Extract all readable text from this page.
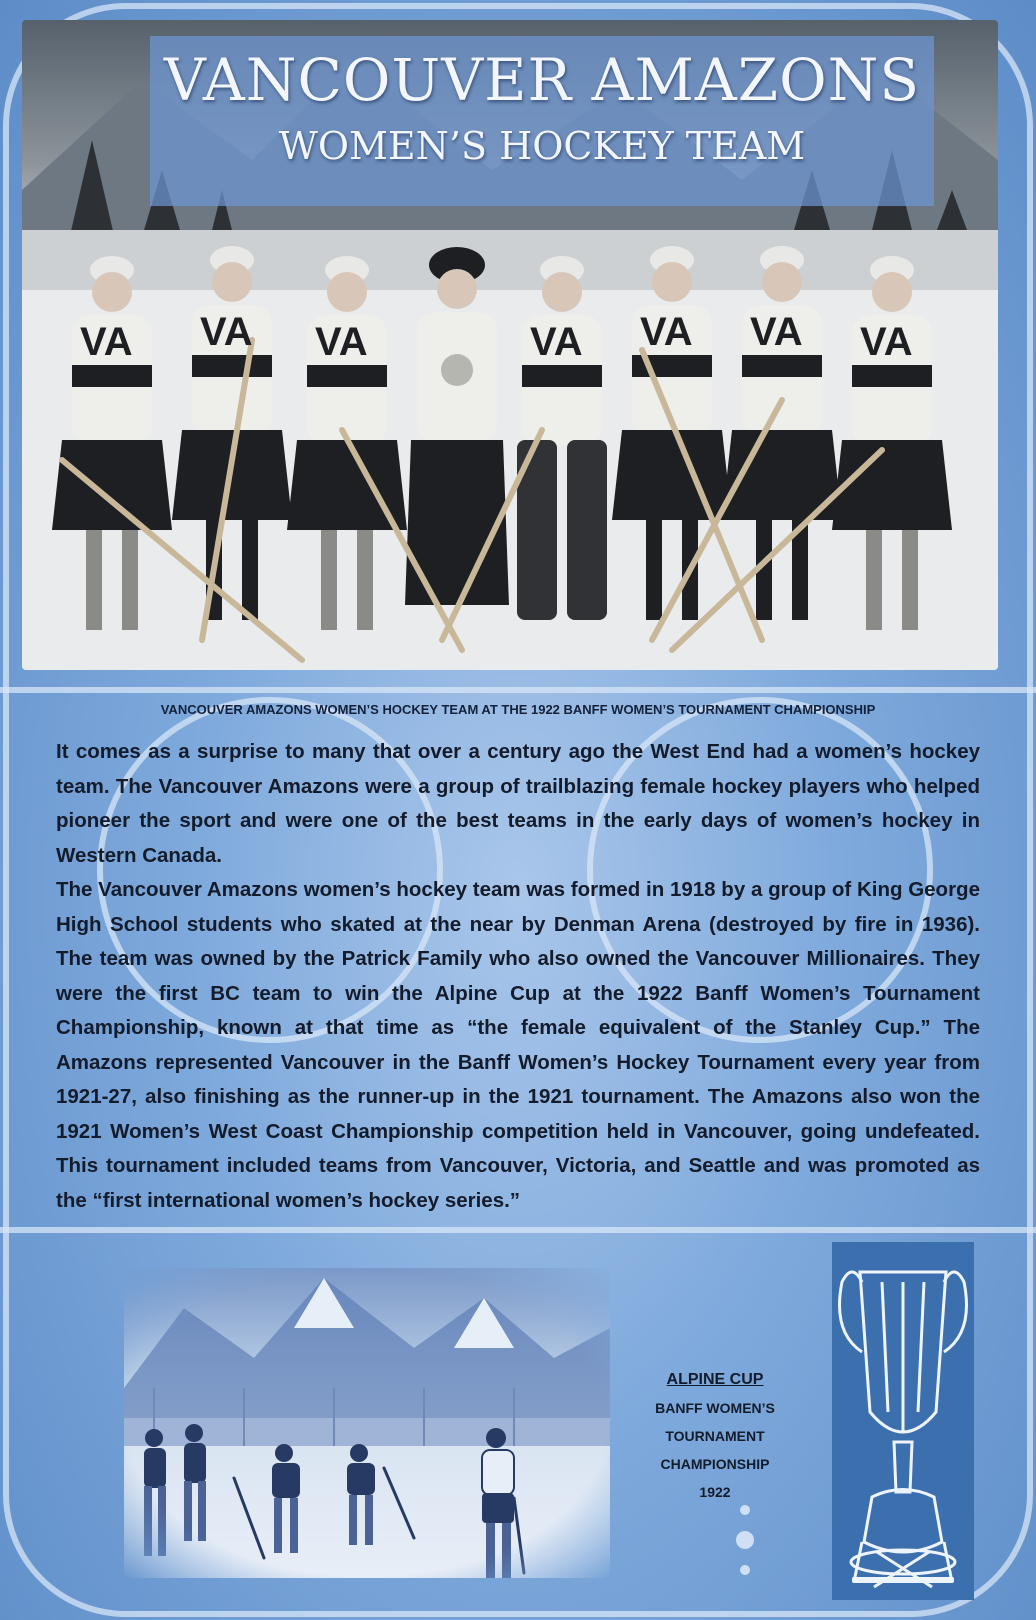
VA VA VA	VA VA VA VA
VANCOUVER AMAZONS
WOMEN’S HOCKEY TEAM
VANCOUVER AMAZONS WOMEN’S HOCKEY TEAM AT THE 1922 BANFF WOMEN’S TOURNAMENT CHAMPIONSHIP

It comes as a surprise to many that over a century ago the West End had a women’s hockey team. The Vancouver Amazons were a group of trailblazing female hockey players who helped pioneer the sport and were one of the best teams in the early days of women’s hockey in Western Canada.

The Vancouver Amazons women’s hockey team was formed in 1918 by a group of King George High School students who skated at the near by Denman Arena (destroyed by fire in 1936). The team was owned by the Patrick Family who also owned the Vancouver Millionaires. They were the first BC team to win the Alpine Cup at the 1922 Banff Women’s Tournament Championship, known at that time as “the female equivalent of the Stanley Cup.” The Amazons represented Vancouver in the Banff Women’s Hockey Tournament every year from 1921-27, also finishing as the runner-up in the 1921 tournament. The Amazons also won the 1921 Women’s West Coast Championship competition held in Vancouver, going undefeated. This tournament included teams from Vancouver, Victoria, and Seattle and was promoted as the “first international women’s hockey series.”

ALPINE CUP
BANFF WOMEN’S
TOURNAMENT
CHAMPIONSHIP
1922
